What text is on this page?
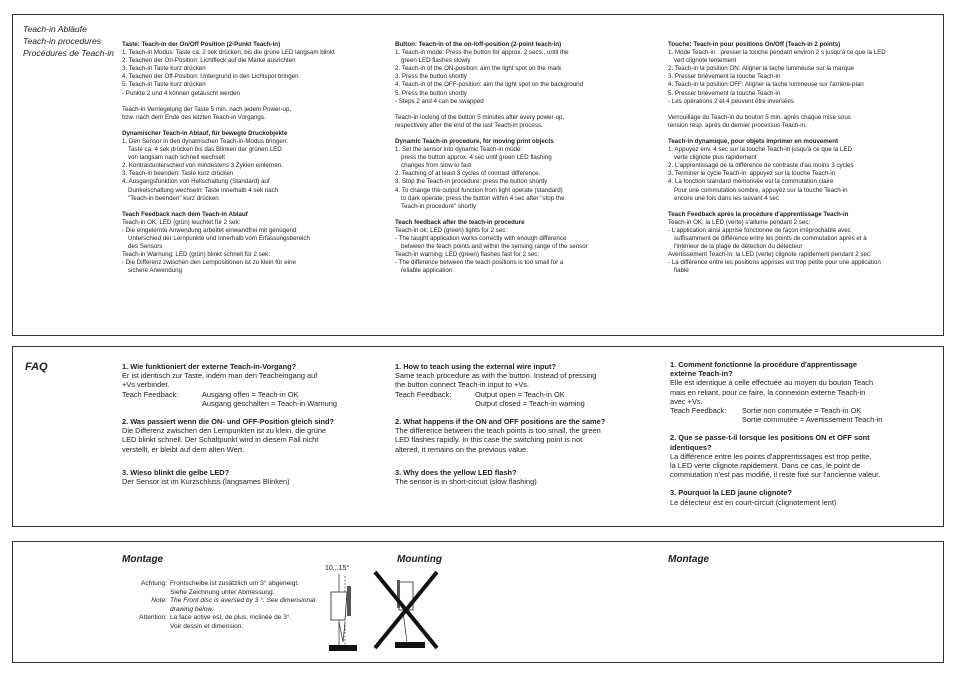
Teach-in Abläufe
Teach-in procedures
Procédures de Teach-in
Taste: Teach-in der On/Off Position (2-Punkt Teach-in)
1. Teach-in Modus: Taste ca. 2 sek drücken, bis die grüne LED langsam blinkt
2. Teachen der On-Position: Lichtfleck auf die Marke ausrichten
3. Teach-in Taste kurz drücken
4. Teachen der Off-Position: Untergrund in den Lichtspot bringen
5. Teach-in Taste kurz drücken
- Punkte 2 und 4 können getauscht werden
Teach-in Verriegelung der Taste 5 min. nach jedem Power-up,
bzw. nach dem Ende des letzten Teach-in Vorgangs.
Dynamischer Teach-in Ablauf, für bewegte Druckobjekte
1. Den Sensor in den dynamischen Teach-in-Modus bringen:
Taste ca. 4 sek drücken bis das Blinken der grünen LED
von langsam nach schnell wechselt
2. Kontrastunterschied von mindestens 3 Zyklen einlernen.
3. Teach-in beenden: Taste kurz drücken
4. Ausgangsfunktion von Hellschaltung (Standard) auf
Dunkelschaltung wechseln: Taste innerhalb 4 sek nach
"Teach-in beenden" kurz drücken
Teach Feedback nach dem Teach-in Ablauf
Teach-in OK; LED (grün) leuchtet für 2 sek:
- Die eingelernte Anwendung arbeitet einwandfrei mit genügend
Unterschied der Lernpunkte und innerhalb vom Erfassungsbereich
des Sensors
Teach-in Warnung; LED (grün) blinkt schnell für 2 sek:
- Die Differenz zwischen den Lernpositionen ist zu klein für eine
sichere Anwendung
Button: Teach-in of the on-/off-position (2-point teach-in)
1. Teach-in mode: Press the button for approx. 2 secs., until the
green LED flashes slowly
2. Teach-in of the ON-position: aim the light spot on the mark
3. Press the button shortly
4. Teach-in of the OFF-position: aim the light spot on the background
5. Press the button shortly
- Steps 2 and 4 can be swapped
Teach-in locking of the button 5 minutes after every power-up,
respectively after the end of the last Teach-in process.
Dynamic Teach-in procedure, for moving print objects
1. Set the sensor into dynamic Teach-in mode:
press the button approx. 4 sec until green LED flashing
changes from slow to fast
2. Teaching of at least 3 cycles of contrast difference.
3. Stop the Teach-in procedure: press the button shortly
4. To change the output function from light operate (standard)
to dark operate: press the button within 4 sec after "stop the
Teach-in procedure" shortly
Teach feedback after the teach-in procedure
Teach-in ok; LED (green) lights for 2 sec:
- The taught application works correctly with enough difference
between the teach points and within the sensing range of the sensor
Teach-in warning; LED (green) flashes fast for 2 sec:
- The difference between the teach positions is too small for a
reliable application
Touche: Teach-in pour positions On/Off (Teach-in 2 points)
1. Mode Teach-in : presser la touche pendant environ 2 s jusqu'à ce que la LED
vert clignote lentement
2. Teach-in la position ON: Aligner la tache lumineuse sur la marque
3. Presser brièvement la touche Teach-in
4. Teach-in la position OFF: Aligner la tache lumineuse sur l'arrière-plan
5. Presser brièvement la touche Teach-in
- Les opérations 2 et 4 peuvent être inversées
Verrouillage du Teach-in du bouton 5 min. après chaque mise sous
tension resp. après du dernier processus Teach-in.
Teach-in dynamique, pour objets imprimer en mouvement
1. Appuyez env. 4 sec sur la touche Teach-in jusqu'à ce que la LED
verte clignote plus rapidement
2. L'apprentissage de la différence de contraste d'au moins 3 cycles
3. Terminer le cycle Teach-in: appuyez sur la touche Teach-in
4. La fonction standard mémorisée est la commutation claire
Pour une commutation sombre, appuyez sur la touche Teach-in
encore une fois dans les suivant 4 sec
Teach Feedback après la procédure d'apprentissage Teach-in
Teach-in OK; la LED (verte) s'allume pendant 2 sec:
- L'application ainsi apprise fonctionne de façon irréprochable avec
suffisamment de différence entre les points de commutation après et à
l'intérieur de la plage de détection du détecteur
Avertissement Teach-in; la LED (verte) clignote rapidement pendant 2 sec:
- La différence entre les positions apprises est trop petite pour une application
fiable
FAQ	1. Wie funktioniert der externe Teach-in-Vorgang?
Er ist identisch zur Taste, indem man den Teacheingang auf
+Vs verbindet.
Teach Feedback:	Ausgang offen = Teach-in OK
Ausgang geschalten = Teach-in Warnung
2. Was passiert wenn die ON- und OFF-Position gleich sind?
Die Differenz zwischen den Lernpunkten ist zu klein, die grüne
LED blinkt schnell. Der Schaltpunkt wird in diesem Fall nicht
verstellt, er bleibt auf dem alten Wert.
3. Wieso blinkt die gelbe LED?
Der Sensor ist im Kurzschluss (langsames Blinken)
1. How to teach using the external wire input?
Same teach procedure as with the button. Instead of pressing
the button connect Teach-in input to +Vs.
Teach Feedback:	Output open = Teach-in OK
Output closed = Teach-in warning
2. What happens if the ON and OFF positions are the same?
The difference between the teach points is too small, the green
LED flashes rapidly. In this case the switching point is not
altered, it remains on the previous value.
3. Why does the yellow LED flash?
The sensor is in short-circuit (slow flashing)
1. Comment fonctionne la procédure d'apprentissage
externe Teach-in?
Elle est identique à celle effectuée au moyen du bouton Teach
mais en reliant, pour ce faire, la connexion externe Teach-in
avec +Vs.
Teach Feedback: Sortie non commutée = Teach-in OK
Sortie commutée = Avertissement Teach-in
2. Que se passe-t-il lorsque les positions ON et OFF sont
identiques?
La différence entre les points d'apprentissages est trop petite,
la LED verte clignote rapidement. Dans ce cas, le point de
commutation n'est pas modifié, il reste fixé sur l'ancienne valeur.
3. Pourquoi la LED jaune clignote?
Le détecteur est en court-circuit (clignotement lent)
Montage	Mounting	Montage
Achtung: Frontscheibe ist zusätzlich um 3° abgeneigt.
Siehe Zeichnung unter Abmessung.
Note: The Front disc is aversed by 3 °. See dimensional
drawing below.
Attention: La face active est, de plus, inclinée de 3°.
Voir dessin et dimension.
10...15°
